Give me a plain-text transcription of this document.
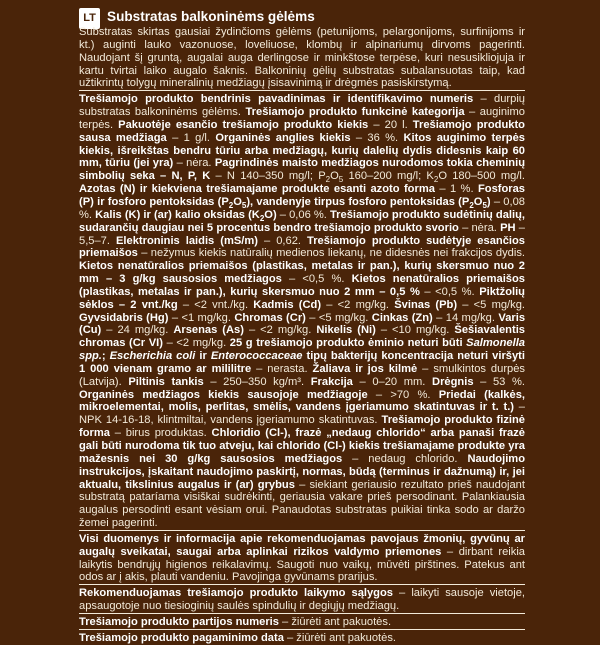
LT Substratas balkoninėms gėlėms

Substratas skirtas gausiai žydinčioms gėlėms (petunijoms, pelargonijoms, surfinijoms ir kt.) auginti lauko vazonuose, loveliuose, klombų ir alpinariumų dirvoms pagerinti. Naudojant šį gruntą, augalai auga derlingose ir minkštose terpėse, kuri nesusikliojuja ir kartu tvirtai laiko augalo šaknis. Balkoninių gėlių substratas subalansuotas taip, kad užtikrintų tolygų mineralinių medžiagų įsisavinimą ir drėgmės pasiskirstymą.

Trešiamojo produkto bendrinis pavadinimas ir identifikavimo numeris – durpių substratas balkoninėms gėlėms. Trešiamojo produkto funkcinė kategorija – auginimo terpės. Pakuotėje esančio trešiamojo produkto kiekis – 20 l. Trešiamojo produkto sausa medžiaga – 1 g/l. Organinės anglies kiekis – 36 %. Kitos auginimo terpės kiekis, išreikštas bendru tūriu arba medžiagų, kurių dalelių dydis didesnis kaip 60 mm, tūriu (jei yra) – nėra. Pagrindinės maisto medžiagos nurodomos tokia cheminių simbolių seka – N, P, K – N 140–350 mg/l; $P_2O_5$ 160–200 mg/l; $K_2O$ 180–500 mg/l. Azotas (N) ir kiekvienа trešiamajame produkte esanti azoto forma – 1 %. Fosforas (P) ir fosforo pentoksidas $(P_2O_5)$, vandenyje tirpus fosforo pentoksidas $(P_2O_5) - 0,08$ %. Kalis (K) ir (ar) kalio oksidas $(K_2O) - 0,06$ %. Trešiamojo produkto sudėtinių dalių, sudarančių daugiau nei 5 procentus bendro trešiamojo produkto svorio – nėra. PH – 5,5–7. Elektroninis laidis (mS/m) – 0,62. Trešiamojo produkto sudėtyje esančios priemaišos – nežymus kiekis natūralių medienos liekanų, ne didesnės nei frakcijos dydis. Kietos nenatūralios priemaišos (plastikas, metalas ir pan.), kurių skersmuo nuo 2 mm – 3 g/kg sausosios medžiagos – <0,5 %. Kietos nenatūralios priemaišos (plastikas, metalas ir pan.), kurių skersmuo nuo 2 mm – 0,5 % – <0,5 %. Piktžolių sėklos – 2 vnt./kg – <2 vnt./kg. Kadmis (Cd) – <2 mg/kg. Švinas (Pb) – <5 mg/kg. Gyvsidabris (Hg) – <1 mg/kg. Chromas (Cr) – <5 mg/kg. Cinkas (Zn) – 14 mg/kg. Varis (Cu) – 24 mg/kg. Arsenas (As) – <2 mg/kg. Nikelis (Ni) – <10 mg/kg. Šešiavalentis chromas (Cr VI) – <2 mg/kg. 25 g trešiamojo produkto ėminio neturi būti Salmonella spp.; Escherichia coli ir Enterococcaceae tipų bakterijų koncentracija neturi viršyti 1 000 vienam gramo ar mililitre – nerasta. Žaliava ir jos kilmė – smulkintos durpės (Latvija). Piltinis tankis – 250–350 kg/m³. Frakcija – 0–20 mm. Drėgnis – 53 %. Organinės medžiagos kiekis sausojoje medžiagoje – >70 %. Priedai (kalkės, mikroelementai, molis, perlitas, smėlis, vandens įgeriamumo skatintuvas ir t. t.) – NPK 14-16-18, klintmiltai, vandens įgeriamumo skatintuvas. Trešiamojo produkto fizinė forma – birus produktas. Chloridio (Cl-), frazė „nedaug chlorido“ arba panaši frazė gali būti nurodoma tik tuo atveju, kai chlorido (Cl-) kiekis trešiamajame produkte yra mažesnis nei 30 g/kg sausosios medžiagos – nedaug chlorido. Naudojimo instrukcijos, įskaitant naudojimo paskirtį, normas, būdą (terminus ir dažnumą) ir, jei aktualu, tikslinius augalus ir (ar) grybus – siekiant geriausio rezultato prieš naudojant substratą pataríama visiškai sudrėkinti, geriausia vakare prieš persodinant. Palankiausia augalus persodinti esant vėsiam orui. Panaudotas substratas puikiai tinka sodo ar daržo žemei pagerinti.

Visi duomenys ir informacija apie rekomenduojamas pavojaus žmonių, gyvūnų ar augalų sveikatai, saugai arba aplinkai rizikos valdymo priemones – dirbant reikia laikytis bendrųjų higienos reikalavimų. Saugoti nuo vaikų, mūvėti pirštines. Patekus ant odos ar į akis, plauti vandeniu. Pavojinga gyvūnams prarijus.

Rekomenduojamas trešiamojo produkto laikymo sąlygos – laikyti sausoje vietoje, apsaugotoje nuo tiesioginių saulės spindulių ir degiųjų medžiagų.

Trešiamojo produkto partijos numeris – žiūrėti ant pakuotės.

Trešiamojo produkto pagaminimo data – žiūrėti ant pakuotės.
